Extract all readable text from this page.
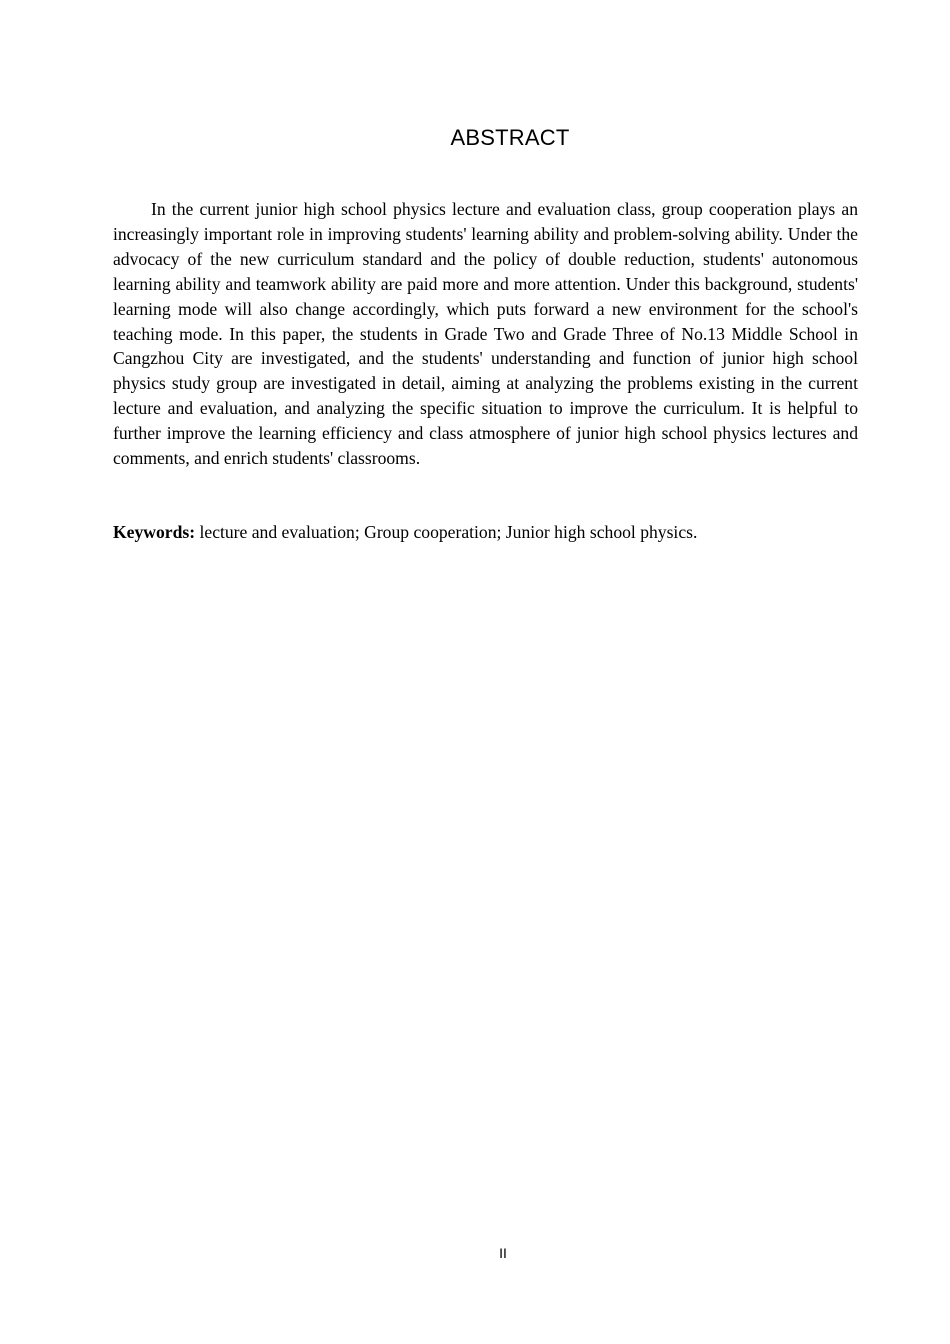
ABSTRACT

In the current junior high school physics lecture and evaluation class, group cooperation plays an increasingly important role in improving students' learning ability and problem-solving ability. Under the advocacy of the new curriculum standard and the policy of double reduction, students' autonomous learning ability and teamwork ability are paid more and more attention. Under this background, students' learning mode will also change accordingly, which puts forward a new environment for the school's teaching mode. In this paper, the students in Grade Two and Grade Three of No.13 Middle School in Cangzhou City are investigated, and the students' understanding and function of junior high school physics study group are investigated in detail, aiming at analyzing the problems existing in the current lecture and evaluation, and analyzing the specific situation to improve the curriculum. It is helpful to further improve the learning efficiency and class atmosphere of junior high school physics lectures and comments, and enrich students' classrooms.

Keywords: lecture and evaluation; Group cooperation; Junior high school physics.

II
